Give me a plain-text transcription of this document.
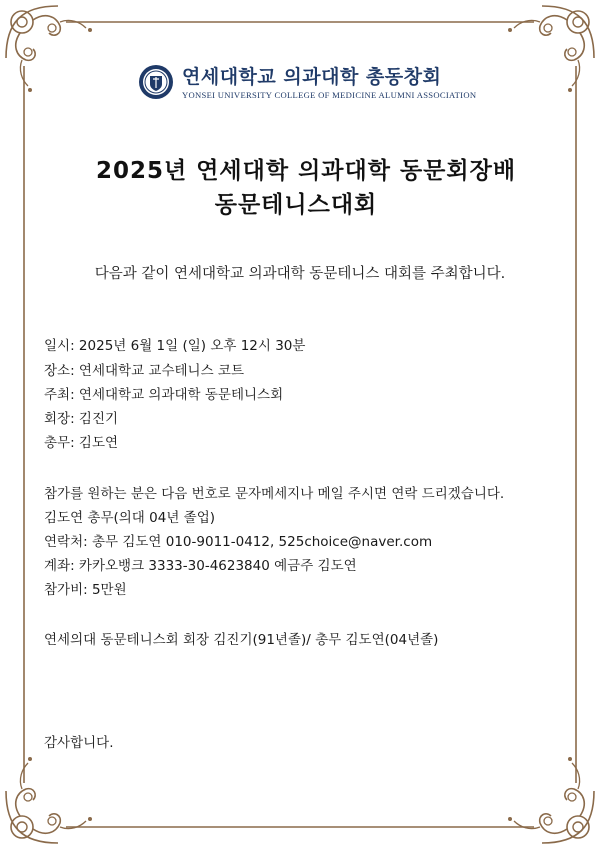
연세대학교 의과대학 총동창회
YONSEI UNIVERSITY COLLEGE OF MEDICINE ALUMNI ASSOCIATION
2025년 연세대학 의과대학 동문회장배
동문테니스대회
다음과 같이 연세대학교 의과대학 동문테니스 대회를 주최합니다.
일시: 2025년 6월 1일 (일) 오후 12시 30분
장소: 연세대학교 교수테니스 코트
주최: 연세대학교 의과대학 동문테니스회
회장: 김진기
총무: 김도연
참가를 원하는 분은 다음 번호로 문자메세지나 메일 주시면 연락 드리겠습니다.
김도연 총무(의대 04년 졸업)
연락처: 총무 김도연 010-9011-0412, 525choice@naver.com
계좌: 카카오뱅크 3333-30-4623840 예금주 김도연
참가비: 5만원
연세의대 동문테니스회 회장 김진기(91년졸)/ 총무 김도연(04년졸)
감사합니다.
